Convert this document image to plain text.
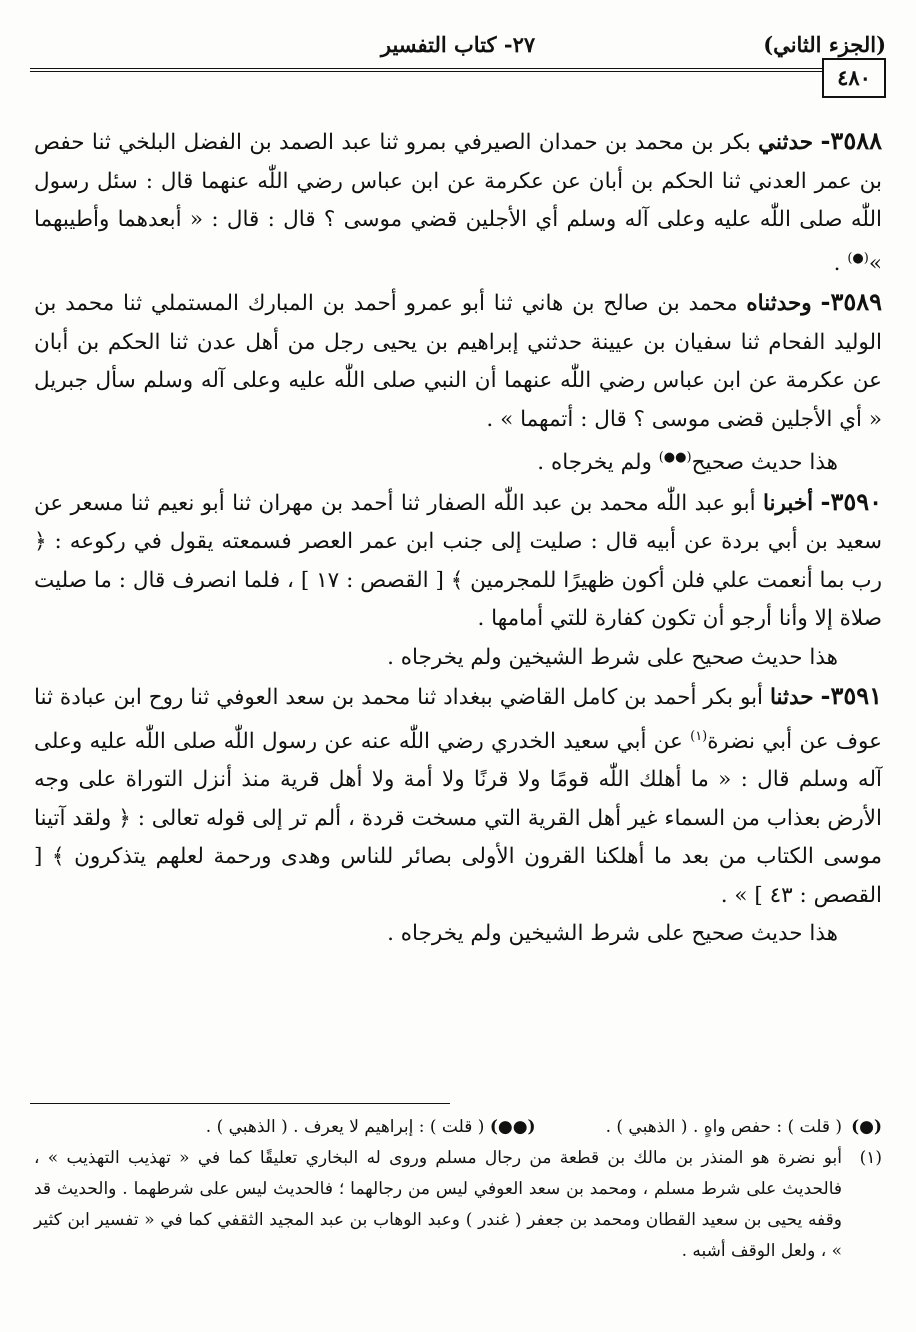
(الجزء الثاني)
٢٧- كتاب التفسير
٤٨٠

٣٥٨٨- حدثني بكر بن محمد بن حمدان الصيرفي بمرو ثنا عبد الصمد بن الفضل البلخي ثنا حفص بن عمر العدني ثنا الحكم بن أبان عن عكرمة عن ابن عباس رضي اللّٰه عنهما قال : سئل رسول اللّٰه صلى اللّٰه عليه وعلى آله وسلم أي الأجلين قضي موسى ؟ قال : قال : « أبعدهما وأطيبهما »(●) .

٣٥٨٩- وحدثناه محمد بن صالح بن هاني ثنا أبو عمرو أحمد بن المبارك المستملي ثنا محمد بن الوليد الفحام ثنا سفيان بن عيينة حدثني إبراهيم بن يحيى رجل من أهل عدن ثنا الحكم بن أبان عن عكرمة عن ابن عباس رضي اللّٰه عنهما أن النبي صلى اللّٰه عليه وعلى آله وسلم سأل جبريل « أي الأجلين قضى موسى ؟ قال : أتمهما » .

هذا حديث صحيح(●●) ولم يخرجاه .

٣٥٩٠- أخبرنا أبو عبد اللّٰه محمد بن عبد اللّٰه الصفار ثنا أحمد بن مهران ثنا أبو نعيم ثنا مسعر عن سعيد بن أبي بردة عن أبيه قال : صليت إلى جنب ابن عمر العصر فسمعته يقول في ركوعه : ﴿ رب بما أنعمت علي فلن أكون ظهيرًا للمجرمين ﴾ [ القصص : ١٧ ] ، فلما انصرف قال : ما صليت صلاة إلا وأنا أرجو أن تكون كفارة للتي أمامها .

هذا حديث صحيح على شرط الشيخين ولم يخرجاه .

٣٥٩١- حدثنا أبو بكر أحمد بن كامل القاضي ببغداد ثنا محمد بن سعد العوفي ثنا روح ابن عبادة ثنا عوف عن أبي نضرة$^{(١)}$ عن أبي سعيد الخدري رضي اللّٰه عنه عن رسول اللّٰه صلى اللّٰه عليه وعلى آله وسلم قال : « ما أهلك اللّٰه قومًا ولا قرنًا ولا أمة ولا أهل قرية منذ أنزل التوراة على وجه الأرض بعذاب من السماء غير أهل القرية التي مسخت قردة ، ألم تر إلى قوله تعالى : ﴿ ولقد آتينا موسى الكتاب من بعد ما أهلكنا القرون الأولى بصائر للناس وهدى ورحمة لعلهم يتذكرون ﴾ [ القصص : ٤٣ ] » .

هذا حديث صحيح على شرط الشيخين ولم يخرجاه .

(●)
( قلت ) : حفص واهٍ . ( الذهبي ) .(●●) ( قلت ) : إبراهيم لا يعرف . ( الذهبي ) .
(١)
أبو نضرة هو المنذر بن مالك بن قطعة من رجال مسلم وروى له البخاري تعليقًا كما في « تهذيب التهذيب » ، فالحديث على شرط مسلم ، ومحمد بن سعد العوفي ليس من رجالهما ؛ فالحديث ليس على شرطهما . والحديث قد وقفه يحيى بن سعيد القطان ومحمد بن جعفر ( غندر ) وعبد الوهاب بن عبد المجيد الثقفي كما في « تفسير ابن كثير » ، ولعل الوقف أشبه .
